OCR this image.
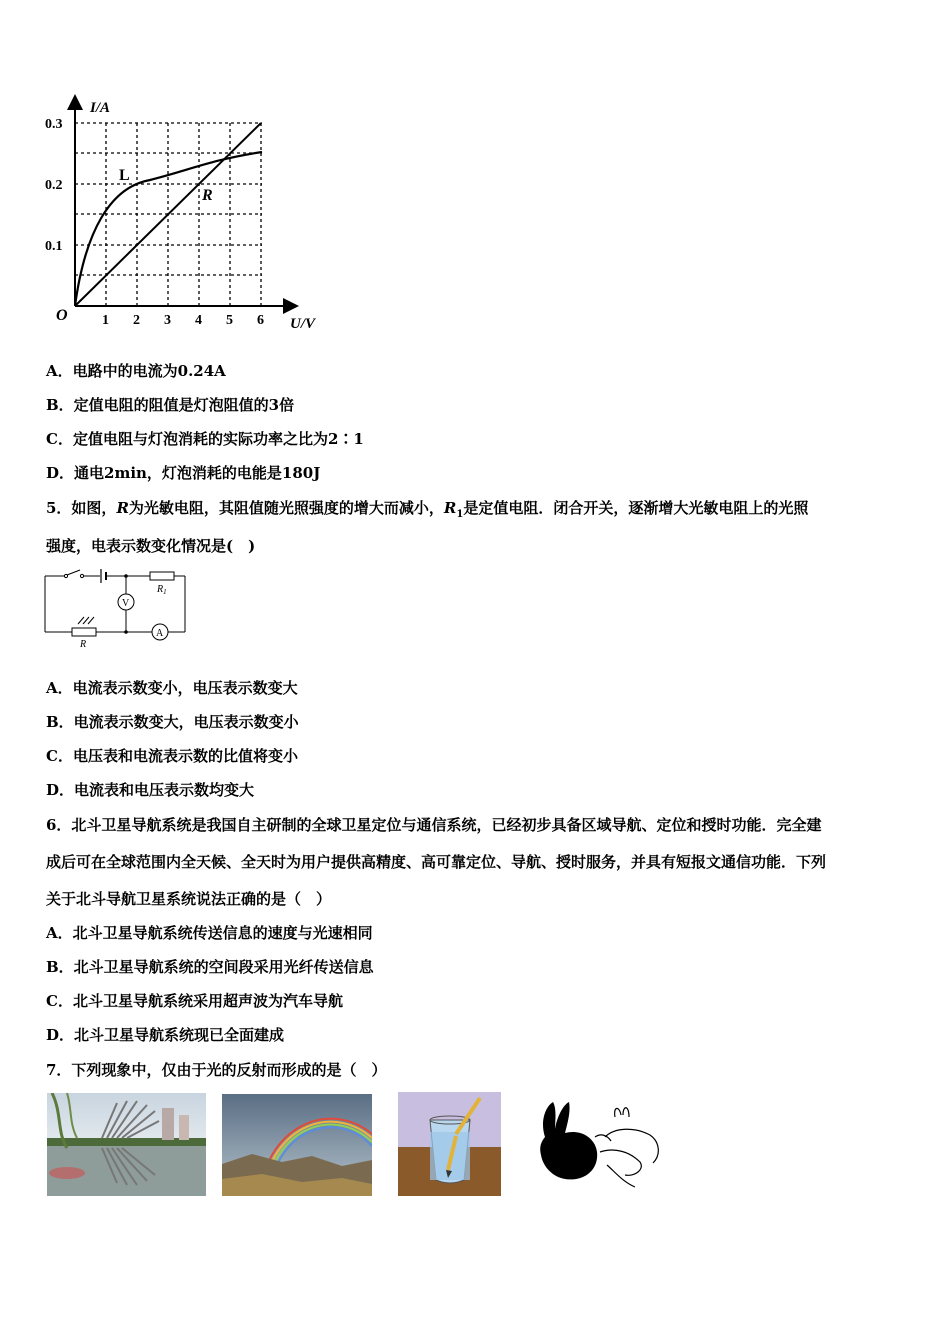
I/A
U/V
O
0.3
0.2
0.1
1 2 3 4 5 6
L
R
A．电路中的电流为0.24A
B．定值电阻的阻值是灯泡阻值的3倍
C．定值电阻与灯泡消耗的实际功率之比为2∶1
D．通电2min，灯泡消耗的电能是180J
5．如图，R为光敏电阻，其阻值随光照强度的增大而减小，$R_1$是定值电阻．闭合开关，逐渐增大光敏电阻上的光照
强度，电表示数变化情况是(　)
V
A
$R_1$
R
A．电流表示数变小，电压表示数变大
B．电流表示数变大，电压表示数变小
C．电压表和电流表示数的比值将变小
D．电流表和电压表示数均变大
6．北斗卫星导航系统是我国自主研制的全球卫星定位与通信系统，已经初步具备区域导航、定位和授时功能．完全建
成后可在全球范围内全天候、全天时为用户提供高精度、高可靠定位、导航、授时服务，并具有短报文通信功能．下列
关于北斗导航卫星系统说法正确的是（　）
A．北斗卫星导航系统传送信息的速度与光速相同
B．北斗卫星导航系统的空间段采用光纤传送信息
C．北斗卫星导航系统采用超声波为汽车导航
D．北斗卫星导航系统现已全面建成
7．下列现象中，仅由于光的反射而形成的是（　）
